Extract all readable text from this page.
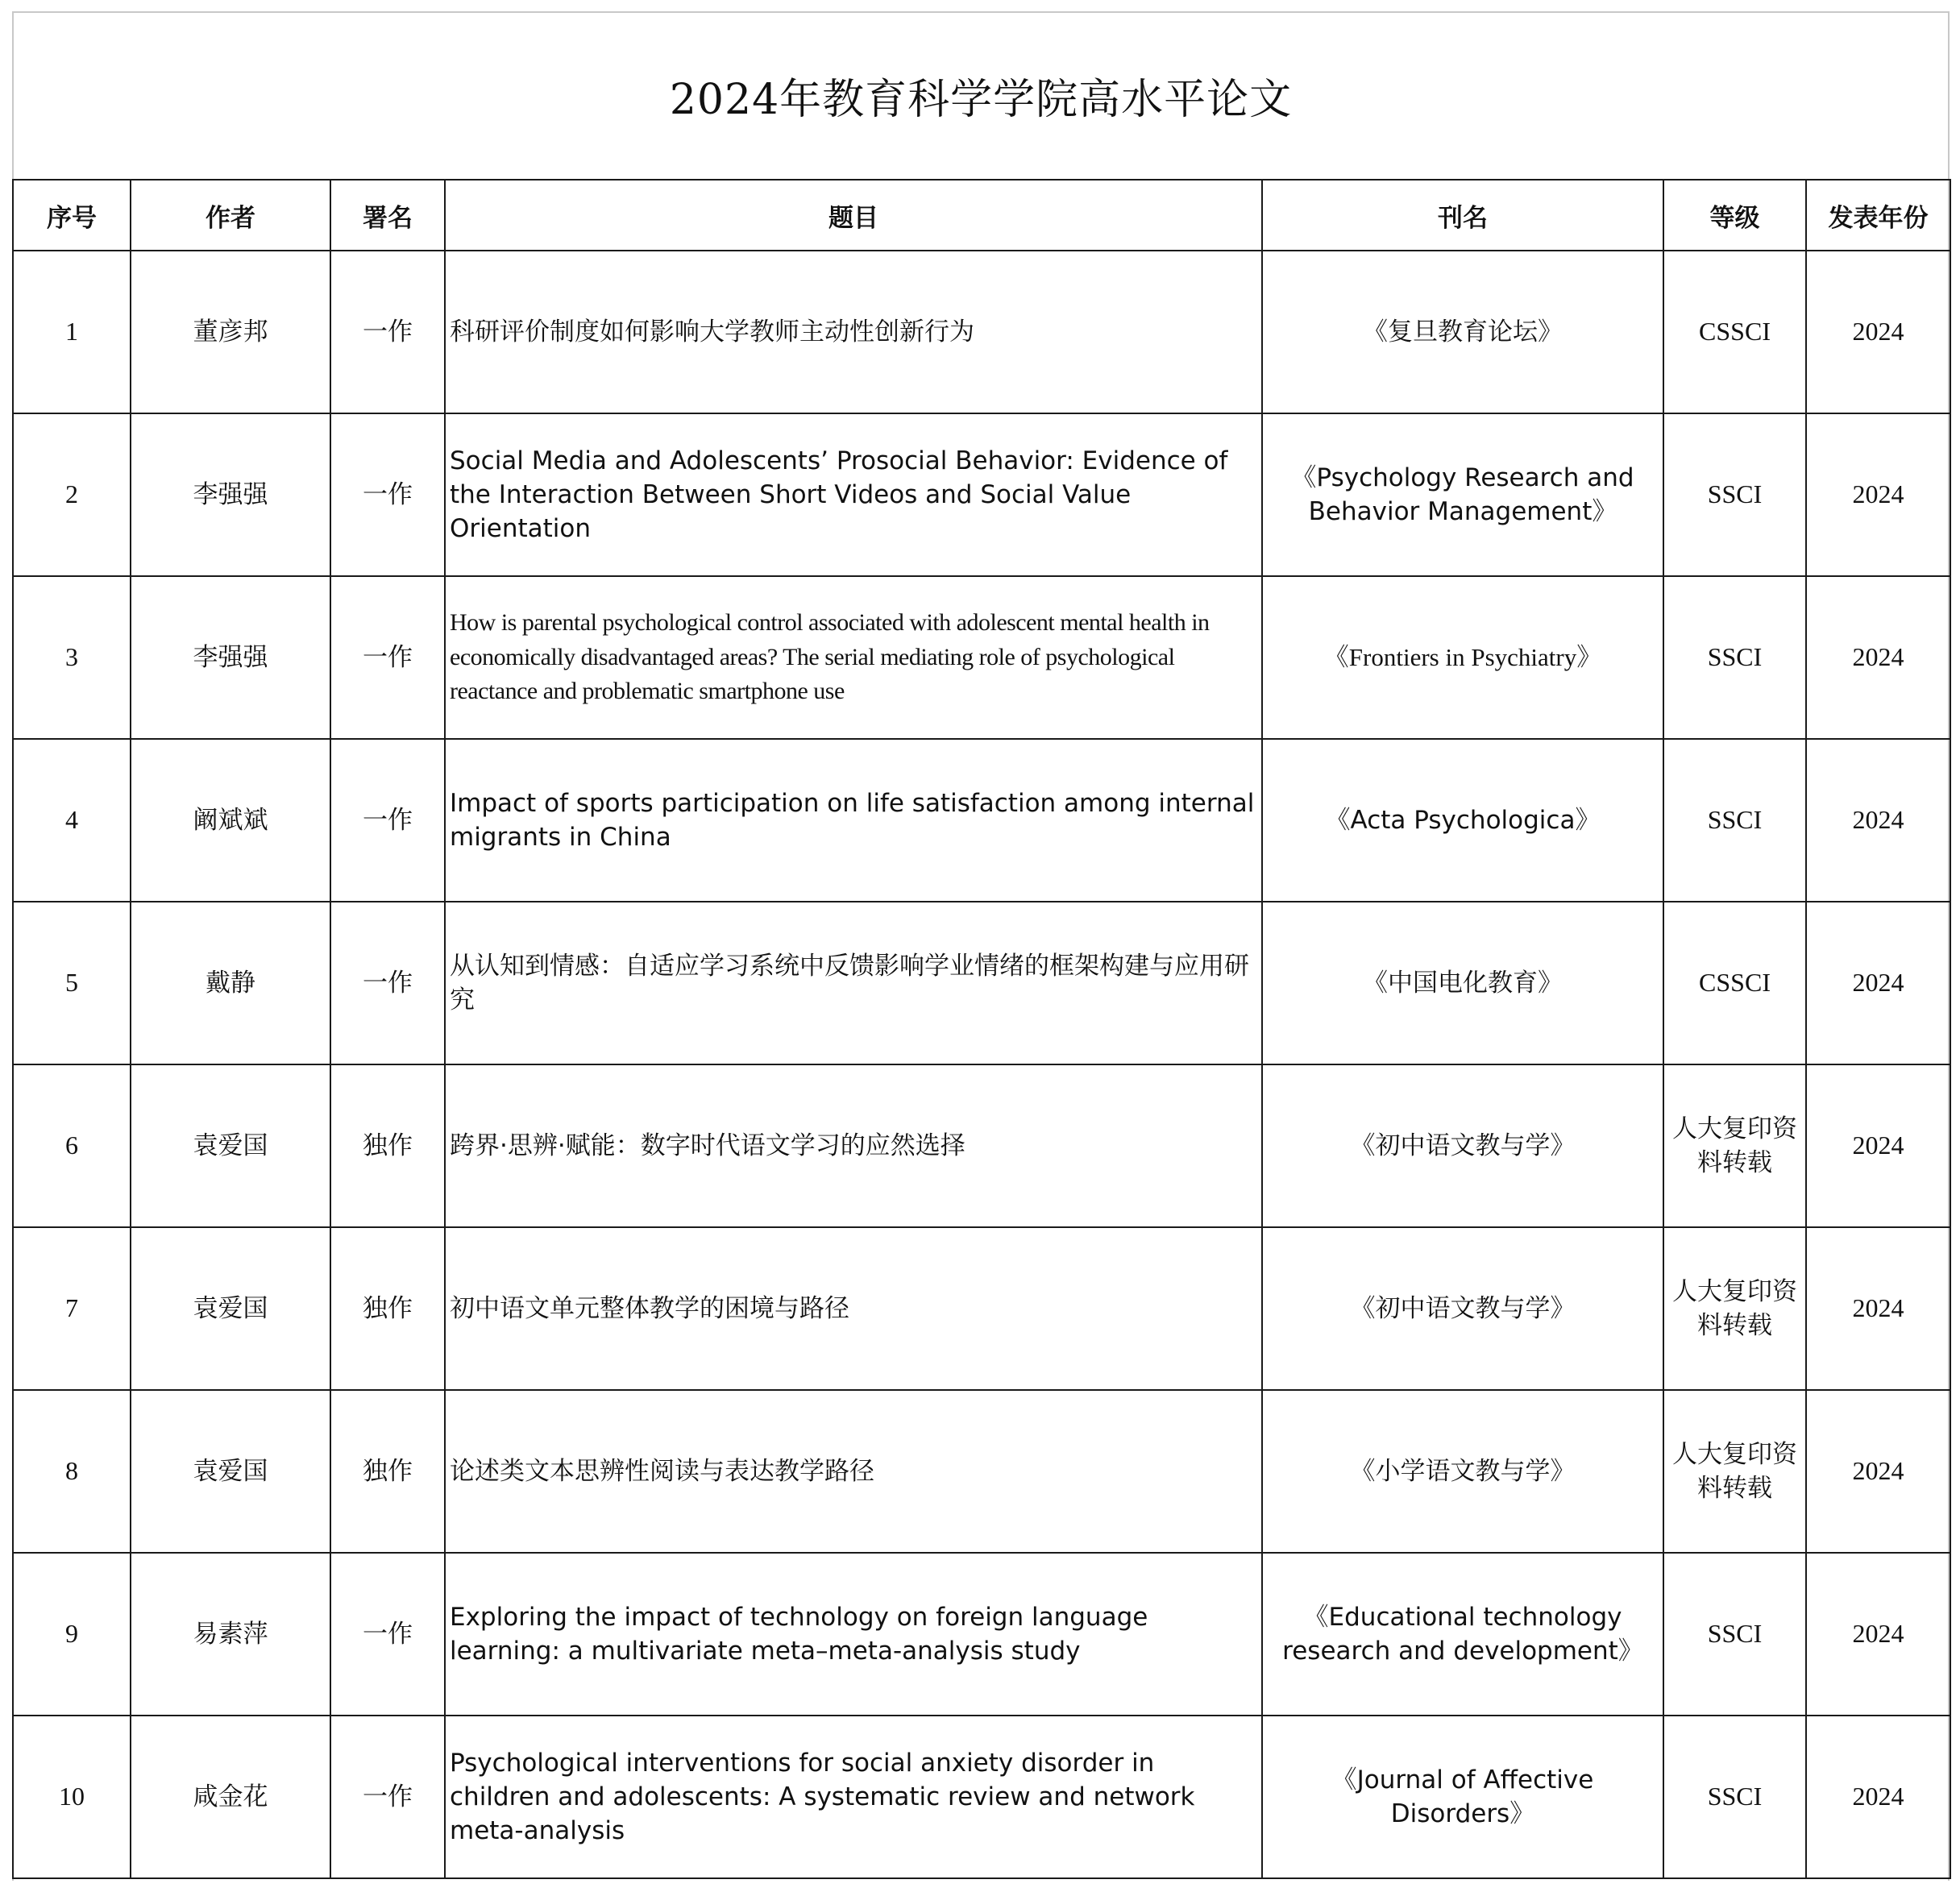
2024年教育科学学院高水平论文
序号	作者	署名	题目	刊名	等级	发表年份
1	董彦邦	一作	科研评价制度如何影响大学教师主动性创新行为	《复旦教育论坛》	CSSCI	2024
2	李强强	一作	Social Media and Adolescents’ Prosocial Behavior: Evidence of the Interaction Between Short Videos and Social Value Orientation	《Psychology Research and Behavior Management》	SSCI	2024
3	李强强	一作	How is parental psychological control associated with adolescent mental health in economically disadvantaged areas? The serial mediating role of psychological reactance and problematic smartphone use	《Frontiers in Psychiatry》	SSCI	2024
4	阚斌斌	一作	Impact of sports participation on life satisfaction among internal migrants in China	《Acta Psychologica》	SSCI	2024
5	戴静	一作	从认知到情感：自适应学习系统中反馈影响学业情绪的框架构建与应用研究	《中国电化教育》	CSSCI	2024
6	袁爱国	独作	跨界·思辨·赋能：数字时代语文学习的应然选择	《初中语文教与学》	人大复印资料转载	2024
7	袁爱国	独作	初中语文单元整体教学的困境与路径	《初中语文教与学》	人大复印资料转载	2024
8	袁爱国	独作	论述类文本思辨性阅读与表达教学路径	《小学语文教与学》	人大复印资料转载	2024
9	易素萍	一作	Exploring the impact of technology on foreign language learning: a multivariate meta–meta-analysis study	《Educational technology research and development》	SSCI	2024
10	咸金花	一作	Psychological interventions for social anxiety disorder in children and adolescents: A systematic review and network meta-analysis	《Journal of Affective Disorders》	SSCI	2024
